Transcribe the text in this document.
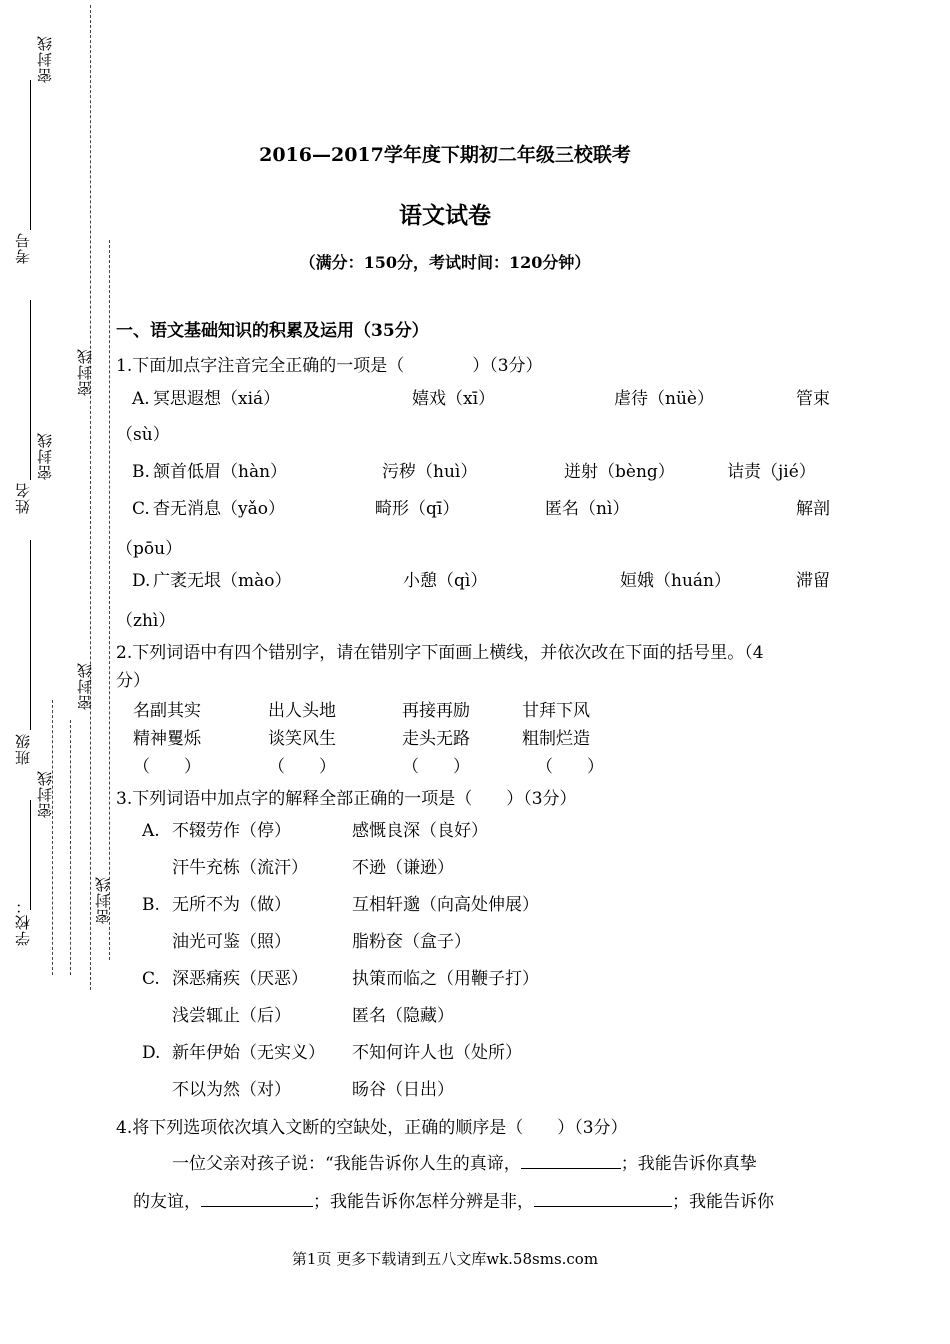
密封线
考号
密封线
密封线
姓名
密封线
班级
密封线
密封线
学校：
2016—2017学年度下期初二年级三校联考
语文试卷
（满分：150分，考试时间：120分钟）
一、语文基础知识的积累及运用（35分）
1.下面加点字注音完全正确的一项是（　　　　）（3分）
A. 冥思遐想（xiá）	嬉戏（xī）	虐待（nüè）	管束
（sù）
B. 颔首低眉（hàn）	污秽（huì）	迸射（bèng）	诘责（jié）
C. 杳无消息（yǎo）	畸形（qī）	匿名（nì）	解剖
（pōu）
D. 广袤无垠（mào）	小憩（qì）	姮娥（huán）	滞留
（zhì）
2.下列词语中有四个错别字，请在错别字下面画上横线，并依次改在下面的括号里。（4
分）
名副其实	出人头地	再接再励	甘拜下风
精神矍烁	谈笑风生	走头无路	粗制烂造
（　　）	（　　）	（　　）	（　　）
3.下列词语中加点字的解释全部正确的一项是（　　）（3分）
A. 不辍劳作（停）	感慨良深（良好）
汗牛充栋（流汗）	不逊（谦逊）
B. 无所不为（做）	互相轩邈（向高处伸展）
油光可鉴（照）	脂粉奁（盒子）
C. 深恶痛疾（厌恶）	执策而临之（用鞭子打）
浅尝辄止（后）	匿名（隐藏）
D. 新年伊始（无实义） 不知何许人也（处所）
不以为然（对）	旸谷（日出）
4.将下列选项依次填入文断的空缺处，正确的顺序是（　　）（3分）
一位父亲对孩子说：“我能告诉你人生的真谛，	；我能告诉你真挚
的友谊，	；我能告诉你怎样分辨是非，	；我能告诉你
第1页 更多下载请到五八文库wk.58sms.com
